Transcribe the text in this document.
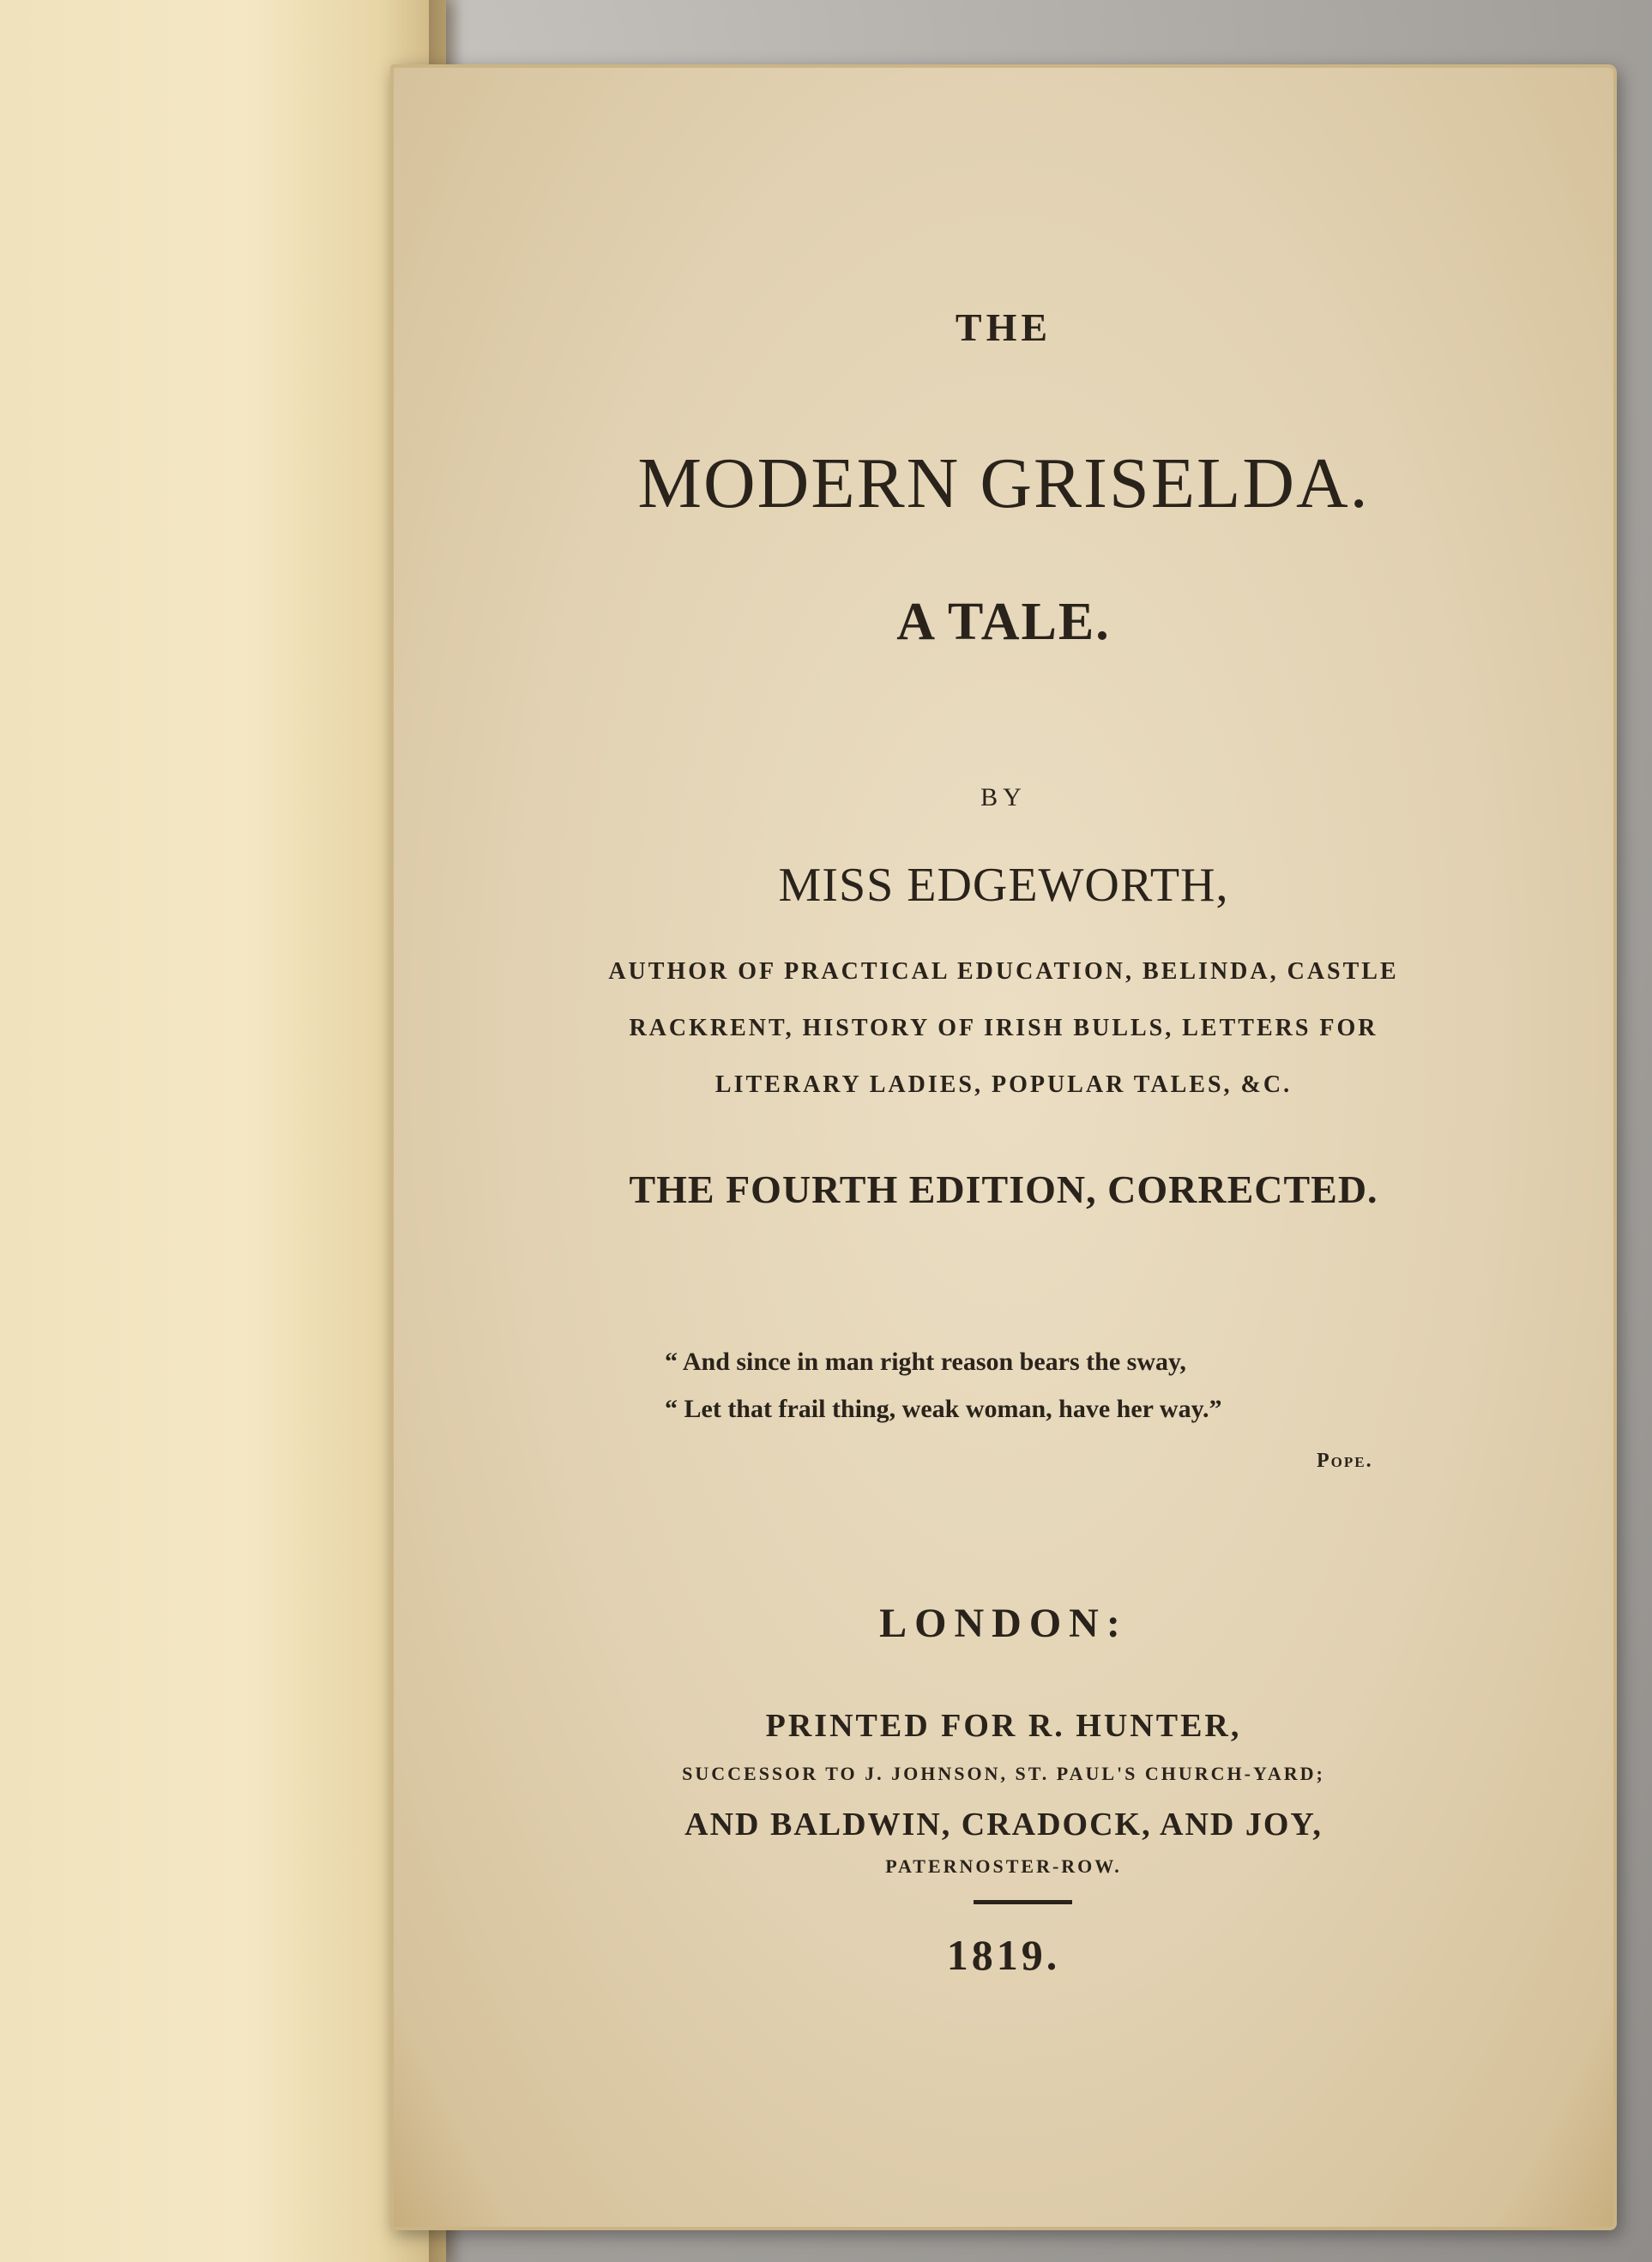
THE
MODERN GRISELDA.
A TALE.
BY
MISS EDGEWORTH,
AUTHOR OF PRACTICAL EDUCATION, BELINDA, CASTLE
RACKRENT, HISTORY OF IRISH BULLS, LETTERS FOR
LITERARY LADIES, POPULAR TALES, &C.
THE FOURTH EDITION, CORRECTED.
“ And since in man right reason bears the sway,
“ Let that frail thing, weak woman, have her way.”
Pope.
LONDON:
PRINTED FOR R. HUNTER,
SUCCESSOR TO J. JOHNSON, ST. PAUL'S CHURCH-YARD;
AND BALDWIN, CRADOCK, AND JOY,
PATERNOSTER-ROW.
1819.
